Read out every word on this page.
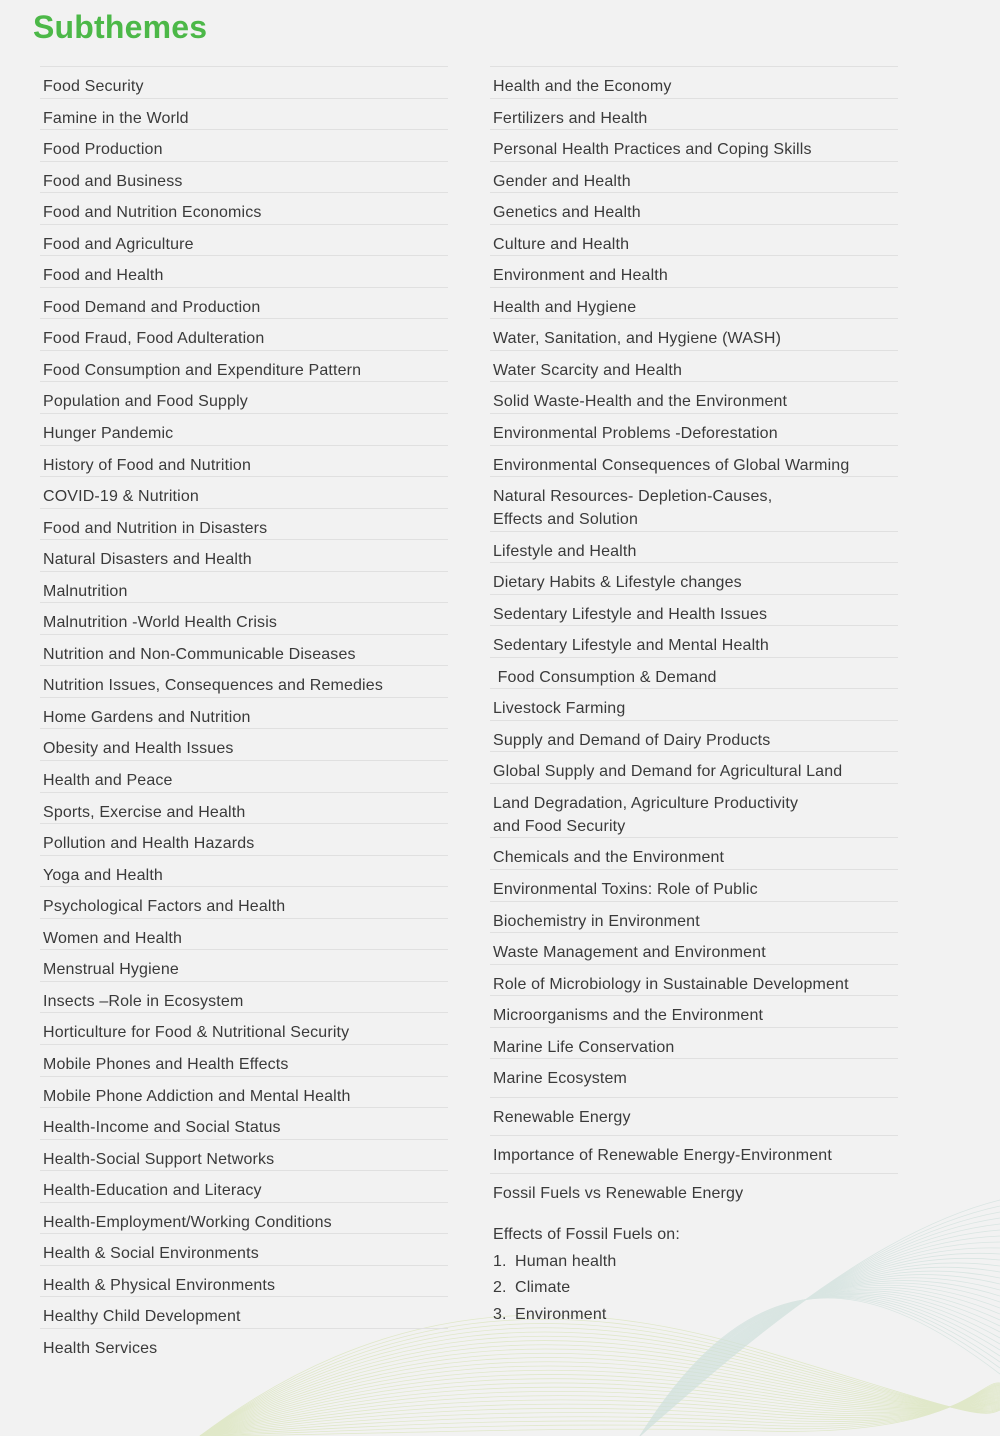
Subthemes
Food Security
Famine in the World
Food Production
Food and Business
Food and Nutrition Economics
Food and Agriculture
Food and Health
Food Demand and Production
Food Fraud, Food Adulteration
Food Consumption and Expenditure Pattern
Population and Food Supply
Hunger Pandemic
History of Food and Nutrition
COVID-19 & Nutrition
Food and Nutrition in Disasters
Natural Disasters and Health
Malnutrition
Malnutrition -World Health Crisis
Nutrition and Non-Communicable Diseases
Nutrition Issues, Consequences and Remedies
Home Gardens and Nutrition
Obesity and Health Issues
Health and Peace
Sports, Exercise and Health
Pollution and Health Hazards
Yoga and Health
Psychological Factors and Health
Women and Health
Menstrual Hygiene
Insects –Role in Ecosystem
Horticulture for Food & Nutritional Security
Mobile Phones and Health Effects
Mobile Phone Addiction and Mental Health
Health-Income and Social Status
Health-Social Support Networks
Health-Education and Literacy
Health-Employment/Working Conditions
Health & Social Environments
Health & Physical Environments
Healthy Child Development
Health Services
Health and the Economy
Fertilizers and Health
Personal Health Practices and Coping Skills
Gender and Health
Genetics and Health
Culture and Health
Environment and Health
Health and Hygiene
Water, Sanitation, and Hygiene (WASH)
Water Scarcity and Health
Solid Waste-Health and the Environment
Environmental Problems -Deforestation
Environmental Consequences of Global Warming
Natural Resources- Depletion-Causes,
Effects and Solution
Lifestyle and Health
Dietary Habits & Lifestyle changes
Sedentary Lifestyle and Health Issues
Sedentary Lifestyle and Mental Health
Food Consumption & Demand
Livestock Farming
Supply and Demand of Dairy Products
Global Supply and Demand for Agricultural Land
Land Degradation, Agriculture Productivity
and Food Security
Chemicals and the Environment
Environmental Toxins: Role of Public
Biochemistry in Environment
Waste Management and Environment
Role of Microbiology in Sustainable Development
Microorganisms and the Environment
Marine Life Conservation
Marine Ecosystem
Renewable Energy
Importance of Renewable Energy-Environment
Fossil Fuels vs Renewable Energy
Effects of Fossil Fuels on:
1. Human health
2. Climate
3. Environment
